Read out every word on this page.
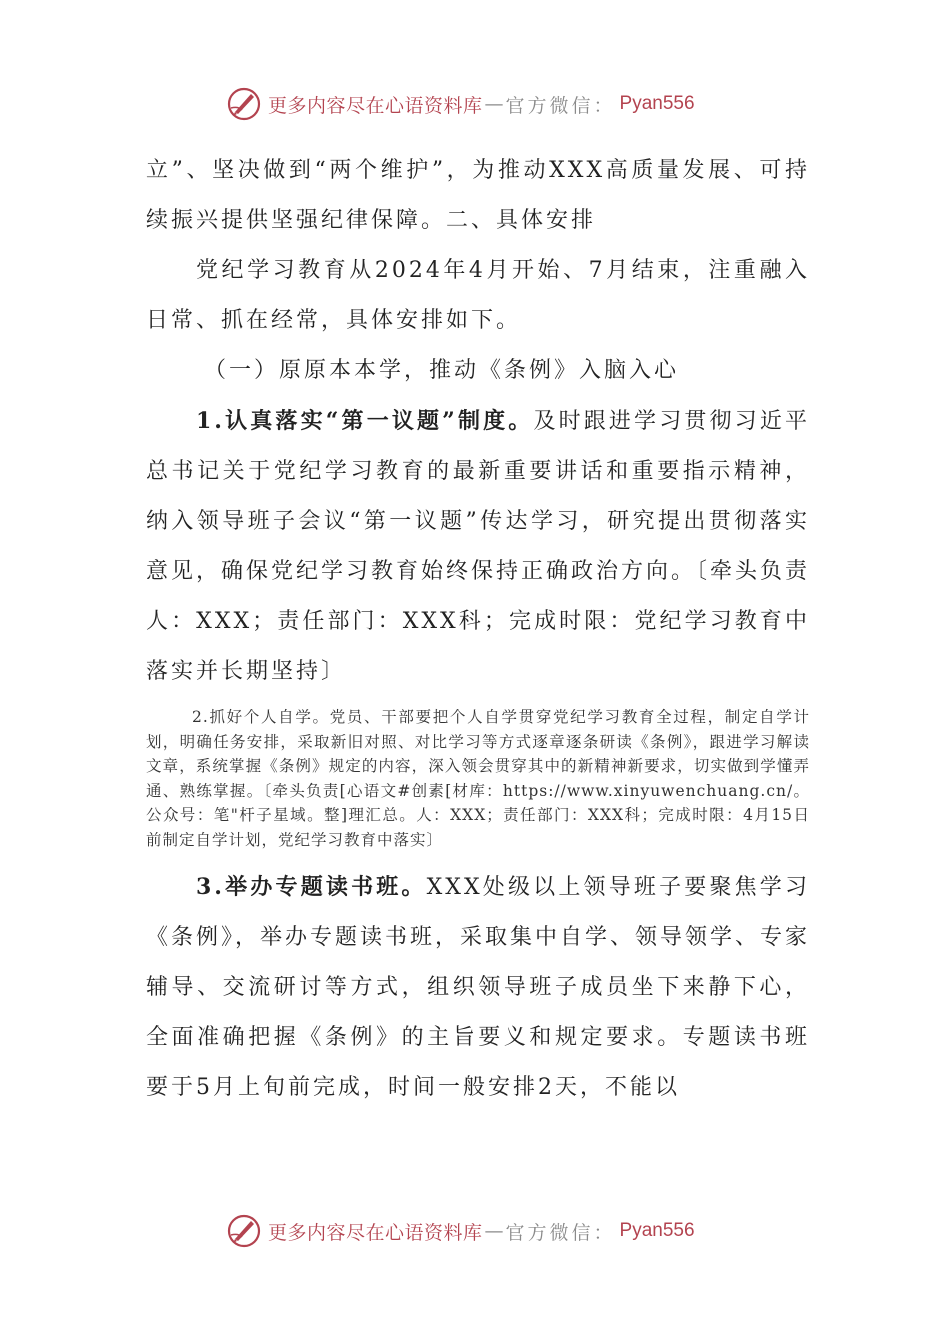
更多内容尽在心语资料库 — 官方微信： Pyan556

立”、坚决做到“两个维护”，为推动XXX高质量发展、可持续振兴提供坚强纪律保障。二、具体安排

党纪学习教育从2024年4月开始、7月结束，注重融入日常、抓在经常，具体安排如下。

（一）原原本本学，推动《条例》入脑入心

1.认真落实“第一议题”制度。及时跟进学习贯彻习近平总书记关于党纪学习教育的最新重要讲话和重要指示精神，纳入领导班子会议“第一议题”传达学习，研究提出贯彻落实意见，确保党纪学习教育始终保持正确政治方向。〔牵头负责人：XXX；责任部门：XXX科；完成时限：党纪学习教育中落实并长期坚持〕

2.抓好个人自学。党员、干部要把个人自学贯穿党纪学习教育全过程，制定自学计划，明确任务安排，采取新旧对照、对比学习等方式逐章逐条研读《条例》，跟进学习解读文章，系统掌握《条例》规定的内容，深入领会贯穿其中的新精神新要求，切实做到学懂弄通、熟练掌握。〔牵头负责[心语文#创素[材库：https://www.xinyuwenchuang.cn/。公众号：笔"杆子星域。整]理汇总。人：XXX；责任部门：XXX科；完成时限：4月15日前制定自学计划，党纪学习教育中落实〕

3.举办专题读书班。XXX处级以上领导班子要聚焦学习《条例》，举办专题读书班，采取集中自学、领导领学、专家辅导、交流研讨等方式，组织领导班子成员坐下来静下心，全面准确把握《条例》的主旨要义和规定要求。专题读书班要于5月上旬前完成，时间一般安排2天，不能以

更多内容尽在心语资料库 — 官方微信： Pyan556
